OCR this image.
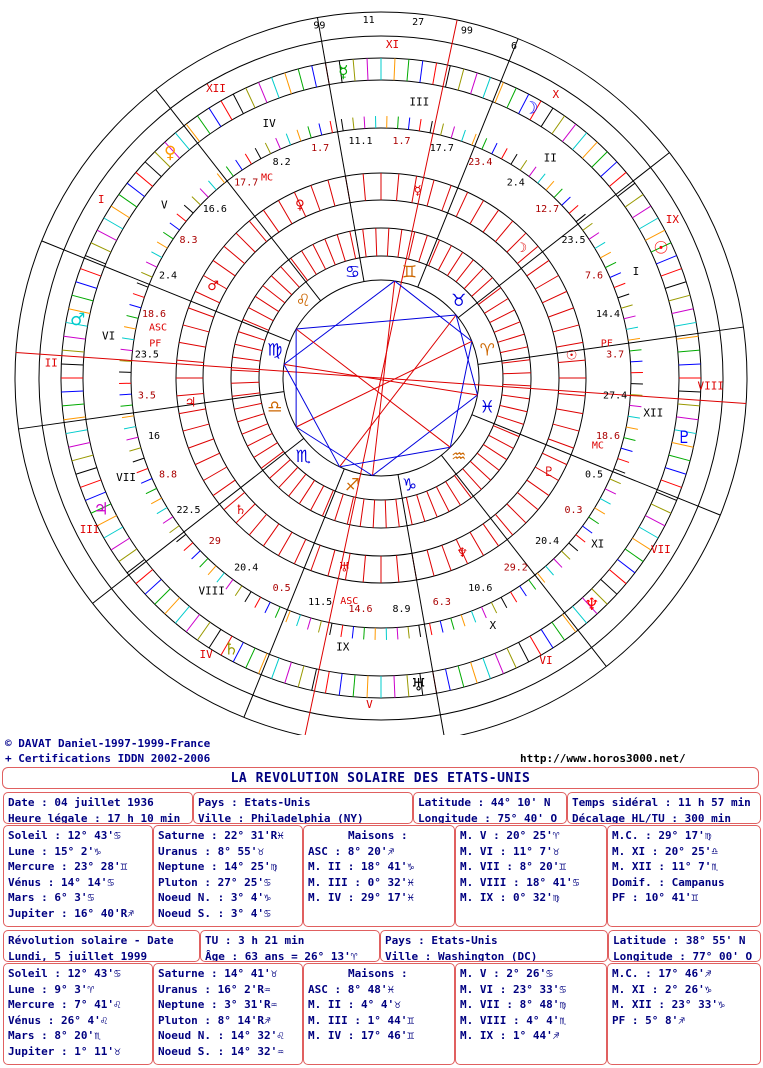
I
II
III
IV
V
VI
VII
VIII
IX
X
XI
XII
IX
X
XI
XII
I
II
III
IV
V
VI
VII
VIII
3.7
14.4
7.6
23.5
12.7
2.4
23.4
17.7
1.7
11.1
1.7
8.2
17.7
16.6
8.3
2.4
18.6
23.5
3.5
16
8.8
22.5
29
20.4
0.5
11.5
14.6 8.9
6.3
10.6
29.2
20.4
0.3
0.5
18.6
27.4
99	11	27
99
6
♈
♉
♊
♋
♌
♍
♎
♏
♐ ♑
♒
♓
☉
☉
☽
☽
☿
☿
♀
♀
♂
♂
♃
♃	♄
♄
♅
♅
♆
♆
♇
♇
ASC
MC
PF
ASC
MC
PF
© DAVAT Daniel-1997-1999-France
+ Certifications IDDN 2002-2006	http://www.horos3000.net/
LA REVOLUTION SOLAIRE DES ETATS-UNIS
Date : 04 juillet 1936
Heure légale : 17 h 10 min
Pays : Etats-Unis
Ville : Philadelphia (NY)
Latitude : 44° 10' N
Longitude : 75° 40' O
Temps sidéral : 11 h 57 min
Décalage HL/TU : 300 min
Soleil : 12° 43'♋
Lune : 15° 2'♑
Mercure : 23° 28'♊
Vénus : 14° 14'♋
Mars : 6° 3'♋
Jupiter : 16° 40'R♐
Saturne : 22° 31'R♓
Uranus : 8° 55'♉
Neptune : 14° 25'♍
Pluton : 27° 25'♋
Noeud N. : 3° 4'♑
Noeud S. : 3° 4'♋
Maisons :
ASC : 8° 20'♐
M. II : 18° 41'♑
M. III : 0° 32'♓
M. IV : 29° 17'♓
M. V : 20° 25'♈
M. VI : 11° 7'♉
M. VII : 8° 20'♊
M. VIII : 18° 41'♋
M. IX : 0° 32'♍
M.C. : 29° 17'♍
M. XI : 20° 25'♎
M. XII : 11° 7'♏
Domif. : Campanus
PF : 10° 41'♊
Révolution solaire - Date
Lundi, 5 juillet 1999
TU : 3 h 21 min
Âge : 63 ans = 26° 13'♈
Pays : Etats-Unis
Ville : Washington (DC)
Latitude : 38° 55' N
Longitude : 77° 00' O
Soleil : 12° 43'♋
Lune : 9° 3'♈
Mercure : 7° 41'♌
Vénus : 26° 4'♌
Mars : 8° 20'♏
Jupiter : 1° 11'♉
Saturne : 14° 41'♉
Uranus : 16° 2'R♒
Neptune : 3° 31'R♒
Pluton : 8° 14'R♐
Noeud N. : 14° 32'♌
Noeud S. : 14° 32'♒
Maisons :
ASC : 8° 48'♓
M. II : 4° 4'♉
M. III : 1° 44'♊
M. IV : 17° 46'♊
M. V : 2° 26'♋
M. VI : 23° 33'♋
M. VII : 8° 48'♍
M. VIII : 4° 4'♏
M. IX : 1° 44'♐
M.C. : 17° 46'♐
M. XI : 2° 26'♑
M. XII : 23° 33'♑
PF : 5° 8'♐
